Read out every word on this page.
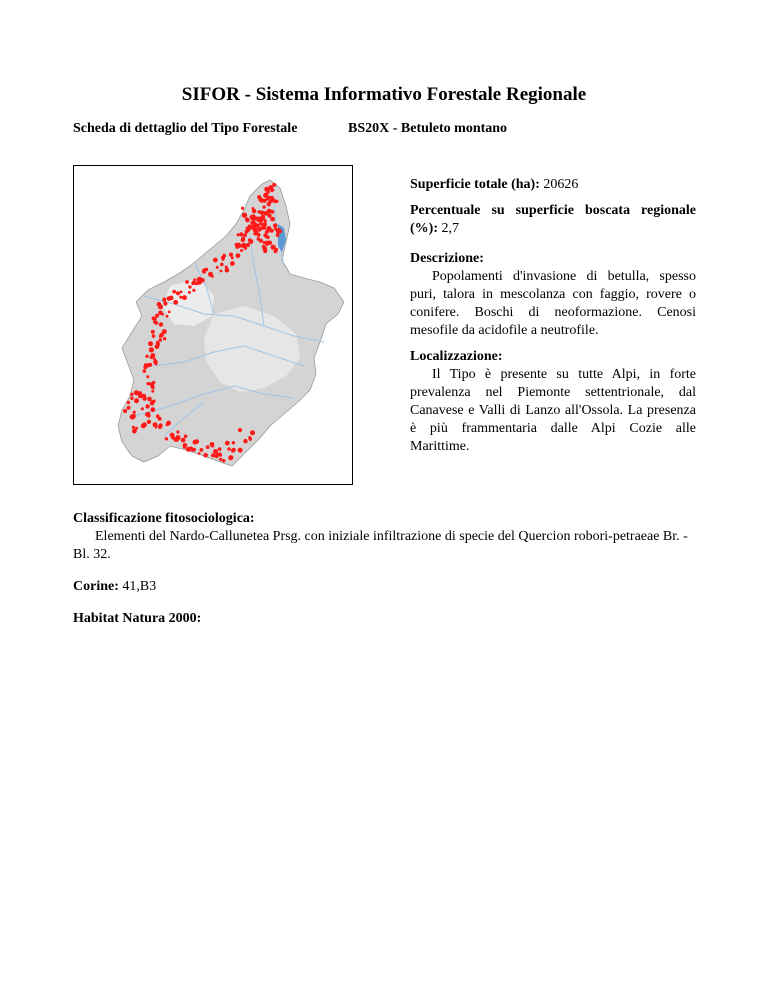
SIFOR - Sistema Informativo Forestale Regionale
Scheda di dettaglio del Tipo Forestale	BS20X - Betuleto montano
Superficie totale (ha): 20626
Percentuale su superficie boscata regionale (%): 2,7
Descrizione:
Popolamenti d'invasione di betulla, spesso puri, talora in mescolanza con faggio, rovere o conifere. Boschi di neoformazione. Cenosi mesofile da acidofile a neutrofile.
Localizzazione:
Il Tipo è presente su tutte Alpi, in forte prevalenza nel Piemonte settentrionale, dal Canavese e Valli di Lanzo all'Ossola. La presenza è più frammentaria dalle Alpi Cozie alle Marittime.
Classificazione fitosociologica:
Elementi del Nardo-Callunetea Prsg. con iniziale infiltrazione di specie del Quercion robori-petraeae Br. - Bl. 32.
Corine: 41,B3
Habitat Natura 2000:
